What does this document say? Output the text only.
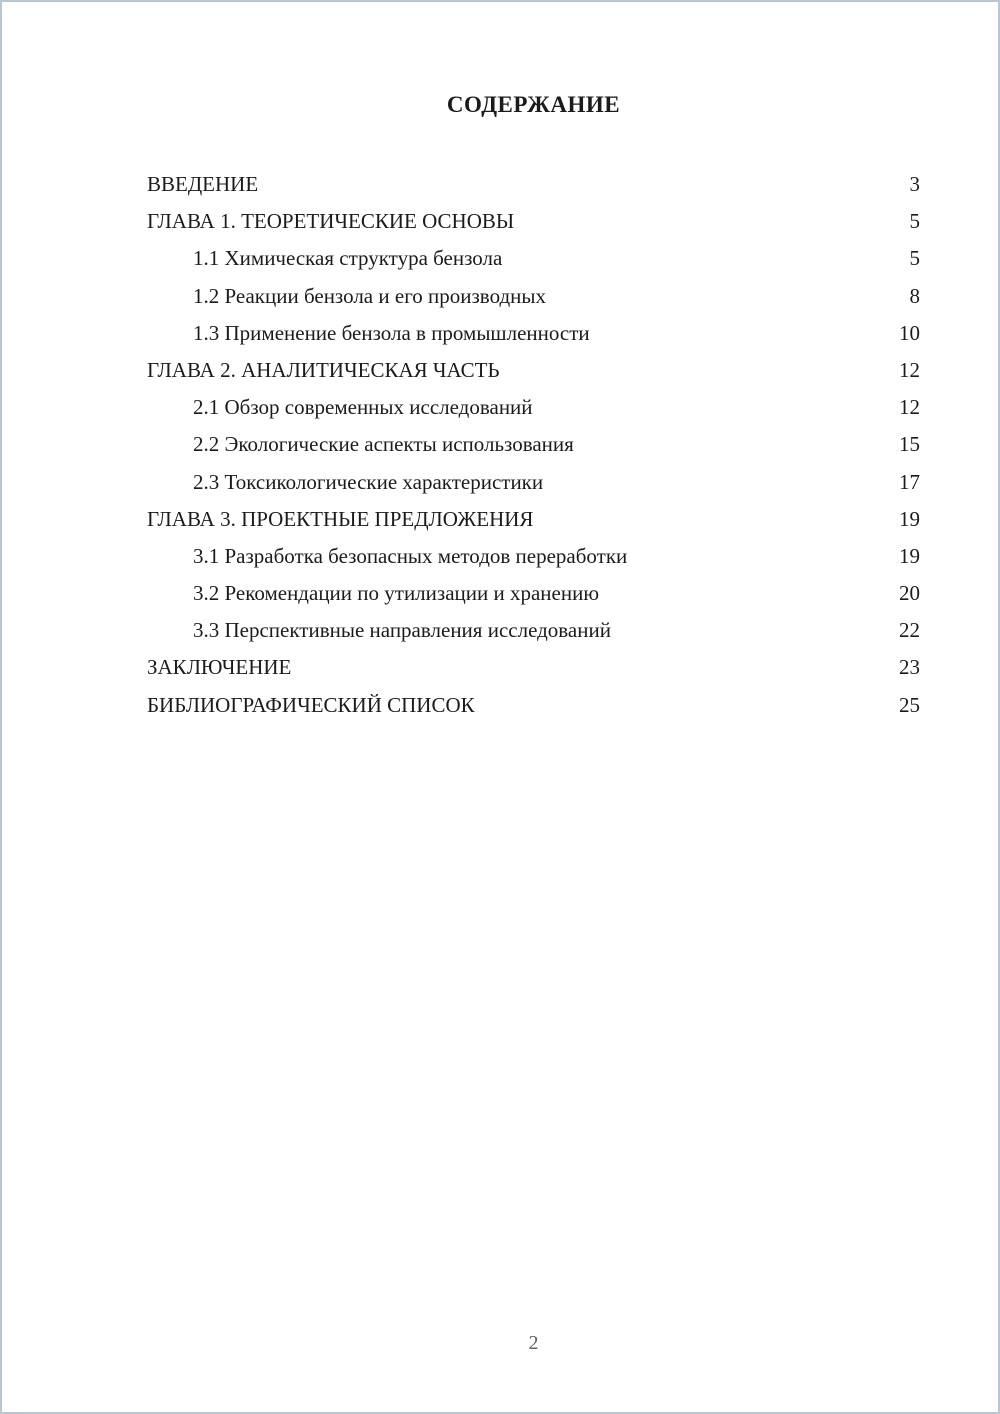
СОДЕРЖАНИЕ
ВВЕДЕНИЕ	3
ГЛАВА 1. ТЕОРЕТИЧЕСКИЕ ОСНОВЫ	5
1.1 Химическая структура бензола	5
1.2 Реакции бензола и его производных	8
1.3 Применение бензола в промышленности	10
ГЛАВА 2. АНАЛИТИЧЕСКАЯ ЧАСТЬ	12
2.1 Обзор современных исследований	12
2.2 Экологические аспекты использования	15
2.3 Токсикологические характеристики	17
ГЛАВА 3. ПРОЕКТНЫЕ ПРЕДЛОЖЕНИЯ	19
3.1 Разработка безопасных методов переработки	19
3.2 Рекомендации по утилизации и хранению	20
3.3 Перспективные направления исследований	22
ЗАКЛЮЧЕНИЕ	23
БИБЛИОГРАФИЧЕСКИЙ СПИСОК	25
2
